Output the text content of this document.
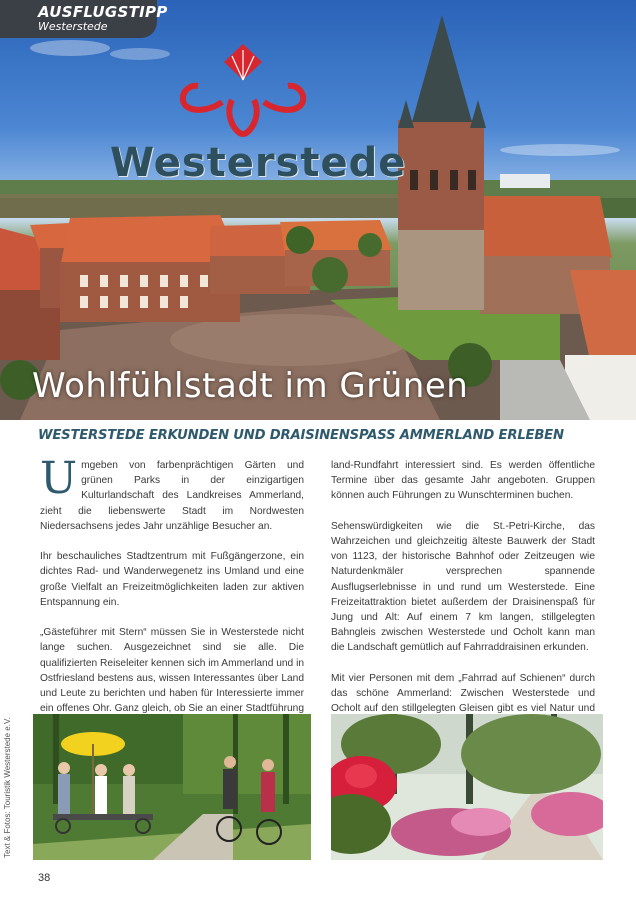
AUSFLUGSTIPP
Westerstede
Westerstede
Wohlfühlstadt im Grünen
WESTERSTEDE ERKUNDEN UND DRAISINENSPASS AMMERLAND ERLEBEN

Umgeben von farbenprächtigen Gärten und grünen Parks in der einzigartigen Kulturlandschaft des Landkreises Ammerland, zieht die liebenswerte Stadt im Nordwesten Niedersachsens jedes Jahr unzählige Besucher an.

Ihr beschauliches Stadtzentrum mit Fußgängerzone, ein dichtes Rad- und Wanderwegenetz ins Umland und eine große Vielfalt an Freizeitmöglichkeiten laden zur aktiven Entspannung ein.

„Gästeführer mit Stern“ müssen Sie in Westerstede nicht lange suchen. Ausgezeichnet sind sie alle. Die qualifizierten Reiseleiter kennen sich im Ammerland und in Ostfriesland bestens aus, wissen Interessantes über Land und Leute zu berichten und haben für Interessierte immer ein offenes Ohr. Ganz gleich, ob Sie an einer Stadtführung

land-Rundfahrt interessiert sind. Es werden öffentliche Termine über das gesamte Jahr angeboten. Gruppen können auch Führungen zu Wunschterminen buchen.

Sehenswürdigkeiten wie die St.-Petri-Kirche, das Wahrzeichen und gleichzeitig älteste Bauwerk der Stadt von 1123, der historische Bahnhof oder Zeitzeugen wie Naturdenkmäler versprechen spannende Ausflugserlebnisse in und rund um Westerstede. Eine Freizeitattraktion bietet außerdem der Draisinenspaß für Jung und Alt: Auf einem 7 km langen, stillgelegten Bahngleis zwischen Westerstede und Ocholt kann man die Landschaft gemütlich auf Fahrraddraisinen erkunden.

Mit vier Personen mit dem „Fahrrad auf Schienen“ durch das schöne Ammerland: Zwischen Westerstede und Ocholt auf den stillgelegten Gleisen gibt es viel Natur und

Text & Fotos: Touristik Westerstede e.V.
38
